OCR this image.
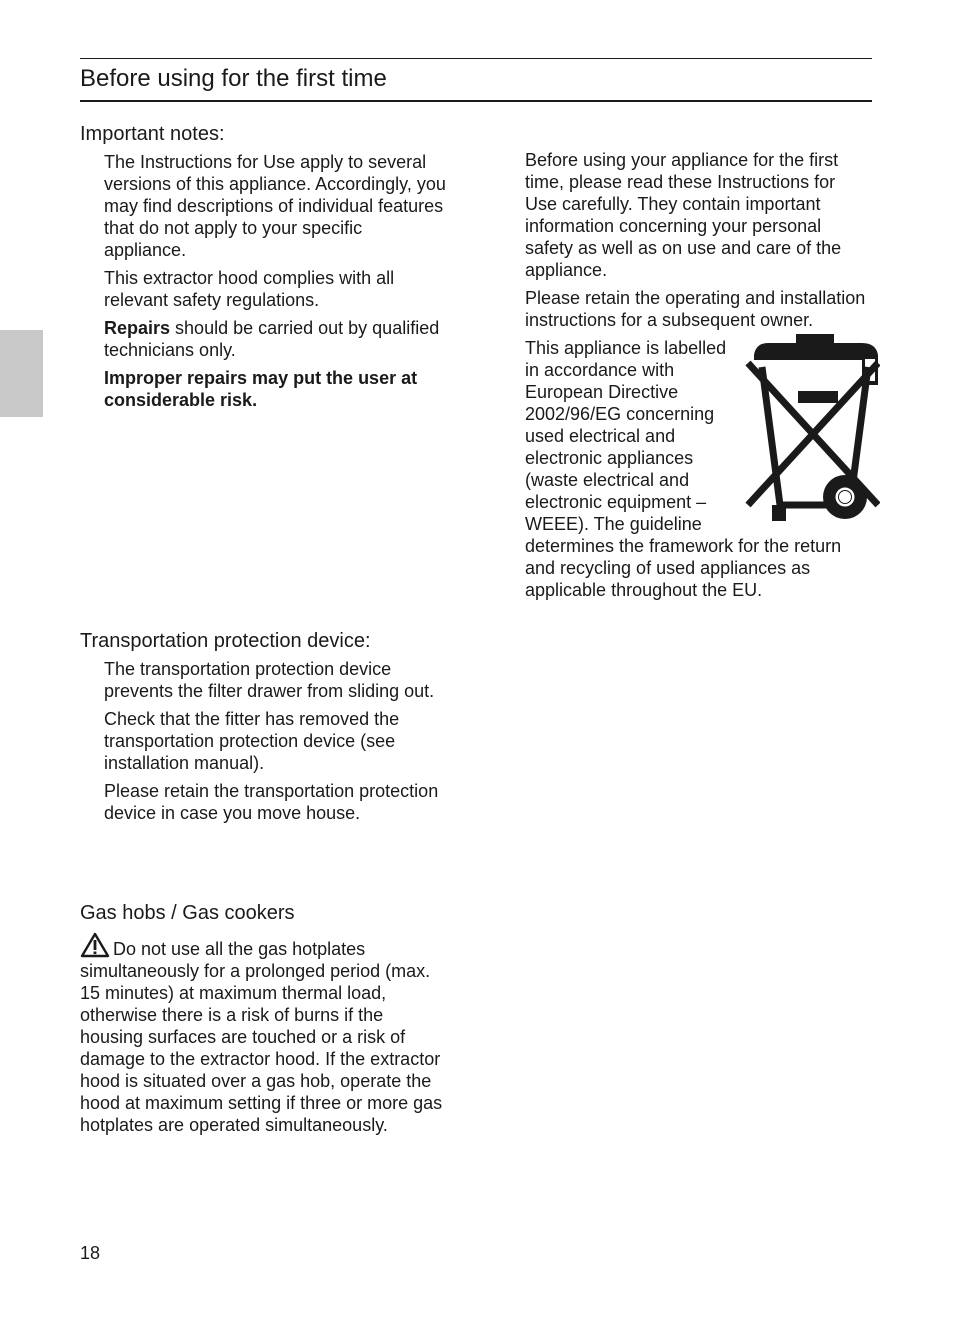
Before using for the first time
Important notes:

The Instructions for Use apply to several versions of this appliance. Accordingly, you may find descriptions of individual features that do not apply to your specific appliance.

This extractor hood complies with all relevant safety regulations.

Repairs should be carried out by qualified technicians only.

Improper repairs may put the user at considerable risk.

Before using your appliance for the first time, please read these Instructions for Use carefully. They contain important information concerning your personal safety as well as on use and care of the appliance.

Please retain the operating and installation instructions for a subsequent owner.

This appliance is labelled in accordance with European Directive 2002/96/EG concerning used electrical and electronic appliances (waste electrical and electronic equipment – WEEE). The guideline determines the framework for the return and recycling of used appliances as applicable throughout the EU.

Transportation protection device:

The transportation protection device prevents the filter drawer from sliding out.

Check that the fitter has removed the transportation protection device (see installation manual).

Please retain the transportation protection device in case you move house.

Gas hobs / Gas cookers

Do not use all the gas hotplates simultaneously for a prolonged period (max. 15 minutes) at maximum thermal load, otherwise there is a risk of burns if the housing surfaces are touched or a risk of damage to the extractor hood. If the extractor hood is situated over a gas hob, operate the hood at maximum setting if three or more gas hotplates are operated simultaneously.

18
